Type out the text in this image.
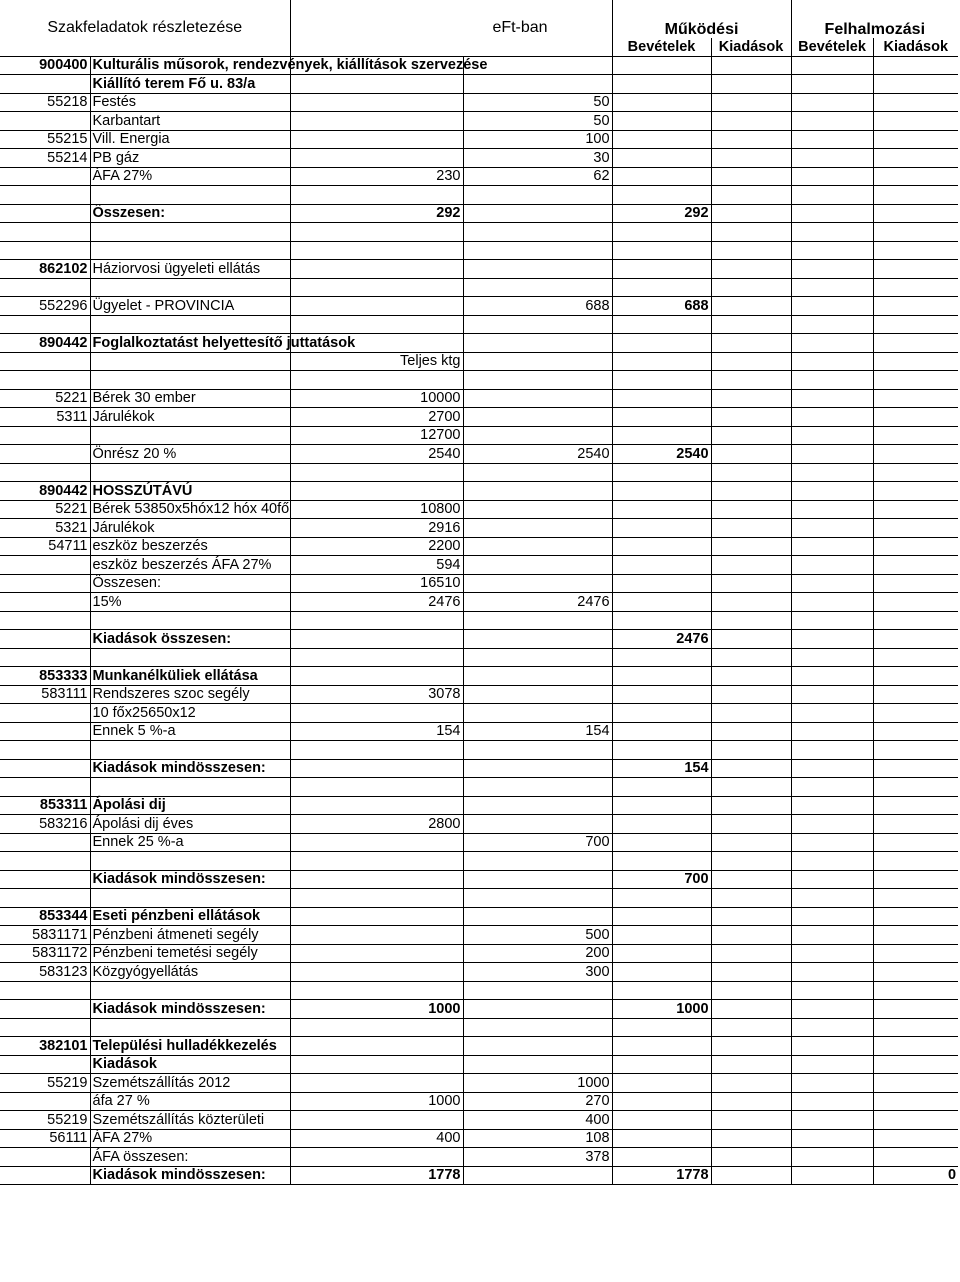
Szakfeladatok részletezése		eFt-ban		Működési		Felhalmozási	
				Bevételek	Kiadások	Bevételek	Kiadások
900400	Kulturális műsorok, rendezvények, kiállítások szervezése						
	Kiállító terem Fő u. 83/a						
55218	Festés		50				
	Karbantart		50				
55215	Vill. Energia		100				
55214	PB gáz		30				
	ÁFA 27%	230	62				

	Összesen:	292		292			

862102	Háziorvosi ügyeleti ellátás						

552296	Ügyelet - PROVINCIA		688	688			

890442	Foglalkoztatást helyettesítő juttatások						
		Teljes ktg					

5221	Bérek 30 ember	10000					
5311	Járulékok	2700					
		12700					
	Önrész 20 %	2540	2540	2540			

890442	HOSSZÚTÁVÚ						
5221	Bérek 53850x5hóx12 hóx 40fő	10800					
5321	Járulékok	2916					
54711	eszköz beszerzés	2200					
	eszköz beszerzés ÁFA 27%	594					
	Összesen:	16510					
	15%	2476	2476				

	Kiadások összesen:			2476			

853333	Munkanélküliek ellátása						
583111	Rendszeres szoc segély	3078					
	10 főx25650x12						
	Ennek 5 %-a	154	154				

	Kiadások mindösszesen:			154			

853311	Ápolási dij						
583216	Ápolási dij éves	2800					
	Ennek 25 %-a		700				

	Kiadások mindösszesen:			700			

853344	Eseti pénzbeni ellátások						
5831171	Pénzbeni átmeneti segély		500				
5831172	Pénzbeni temetési segély		200				
583123	Közgyógyellátás		300				

	Kiadások mindösszesen:	1000		1000			

382101	Települési hulladékkezelés						
	Kiadások						
55219	Szemétszállítás 2012		1000				
	áfa 27 %	1000	270				
55219	Szemétszállítás közterületi		400				
56111	ÁFA 27%	400	108				
	ÁFA összesen:		378				
	Kiadások mindösszesen:	1778		1778			0
